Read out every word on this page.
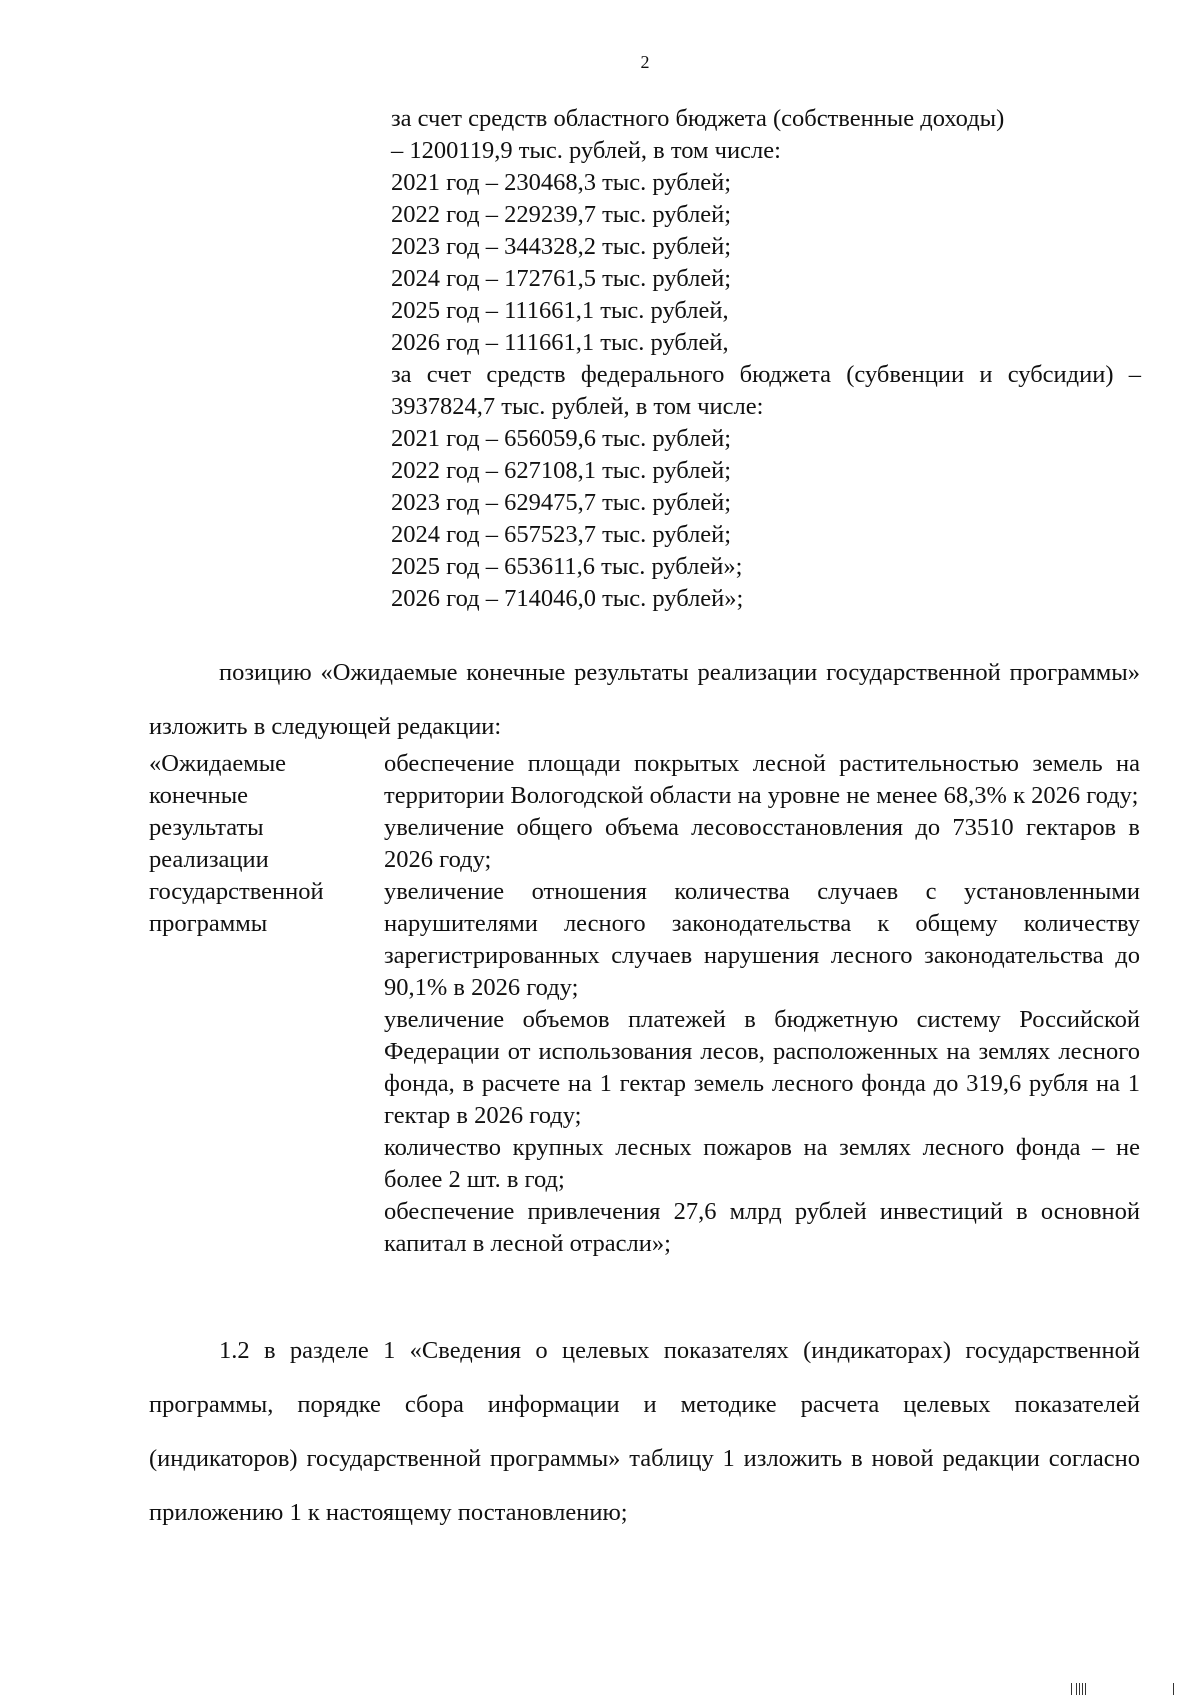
2
за счет средств областного бюджета (собственные доходы)
– 1200119,9 тыс. рублей, в том числе:
2021 год – 230468,3 тыс. рублей;
2022 год – 229239,7 тыс. рублей;
2023 год – 344328,2 тыс. рублей;
2024 год – 172761,5 тыс. рублей;
2025 год – 111661,1 тыс. рублей,
2026 год – 111661,1 тыс. рублей,
за счет средств федерального бюджета (субвенции и субсидии) – 3937824,7 тыс. рублей, в том числе:
2021 год – 656059,6 тыс. рублей;
2022 год – 627108,1 тыс. рублей;
2023 год – 629475,7 тыс. рублей;
2024 год – 657523,7 тыс. рублей;
2025 год – 653611,6 тыс. рублей»;
2026 год – 714046,0 тыс. рублей»;
позицию «Ожидаемые конечные результаты реализации государственной программы» изложить в следующей редакции:
«Ожидаемые
конечные
результаты
реализации
государственной
программы
обеспечение площади покрытых лесной растительностью земель на территории Вологодской области на уровне не менее 68,3% к 2026 году;
увеличение общего объема лесовосстановления до 73510 гектаров в 2026 году;
увеличение отношения количества случаев с установленными нарушителями лесного законодательства к общему количеству зарегистрированных случаев нарушения лесного законодательства до 90,1% в 2026 году;
увеличение объемов платежей в бюджетную систему Российской Федерации от использования лесов, расположенных на землях лесного фонда, в расчете на 1 гектар земель лесного фонда до 319,6 рубля на 1 гектар в 2026 году;
количество крупных лесных пожаров на землях лесного фонда – не более 2 шт. в год;
обеспечение привлечения 27,6 млрд рублей инвестиций в основной капитал в лесной отрасли»;
1.2 в разделе 1 «Сведения о целевых показателях (индикаторах) государственной программы, порядке сбора информации и методике расчета целевых показателей (индикаторов) государственной программы» таблицу 1 изложить в новой редакции согласно приложению 1 к настоящему постановлению;
